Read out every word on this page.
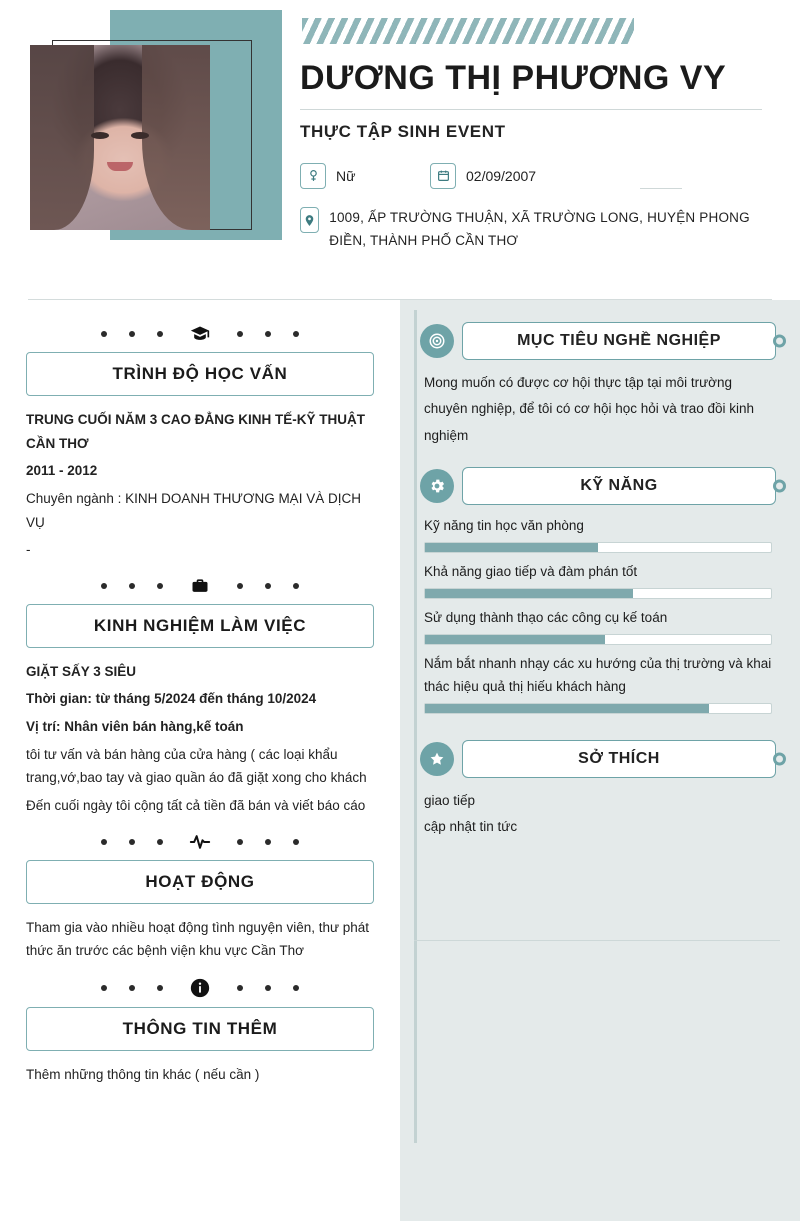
DƯƠNG THỊ PHƯƠNG VY
THỰC TẬP SINH EVENT
Nữ	02/09/2007
1009, ẤP TRƯỜNG THUẬN, XÃ TRƯỜNG LONG, HUYỆN PHONG ĐIỀN, THÀNH PHỐ CẦN THƠ
TRÌNH ĐỘ HỌC VẤN

TRUNG CUỐI NĂM 3 CAO ĐẲNG KINH TẾ-KỸ THUẬT CẦN THƠ

2011 - 2012

Chuyên ngành : KINH DOANH THƯƠNG MẠI VÀ DỊCH VỤ

-

KINH NGHIỆM LÀM VIỆC

GIẶT SẤY 3 SIÊU

Thời gian: từ tháng 5/2024 đến tháng 10/2024

Vị trí: Nhân viên bán hàng,kế toán

tôi tư vấn và bán hàng của cửa hàng ( các loại khẩu trang,vớ,bao tay và giao quần áo đã giặt xong cho khách

Đến cuối ngày tôi cộng tất cả tiền đã bán và viết báo cáo

HOẠT ĐỘNG

Tham gia vào nhiều hoạt động tình nguyện viên, thư phát thức ăn trước các bệnh viện khu vực Cần Thơ

THÔNG TIN THÊM

Thêm những thông tin khác ( nếu cần )

MỤC TIÊU NGHỀ NGHIỆP

Mong muốn có được cơ hội thực tập tại môi trường chuyên nghiệp, để tôi có cơ hội học hỏi và trao đồi kinh nghiệm

KỸ NĂNG
Kỹ năng tin học văn phòng
Khả năng giao tiếp và đàm phán tốt
Sử dụng thành thạo các công cụ kế toán
Nắm bắt nhanh nhạy các xu hướng của thị trường và khai thác hiệu quả thị hiếu khách hàng
SỞ THÍCH

giao tiếp

cập nhật tin tức
